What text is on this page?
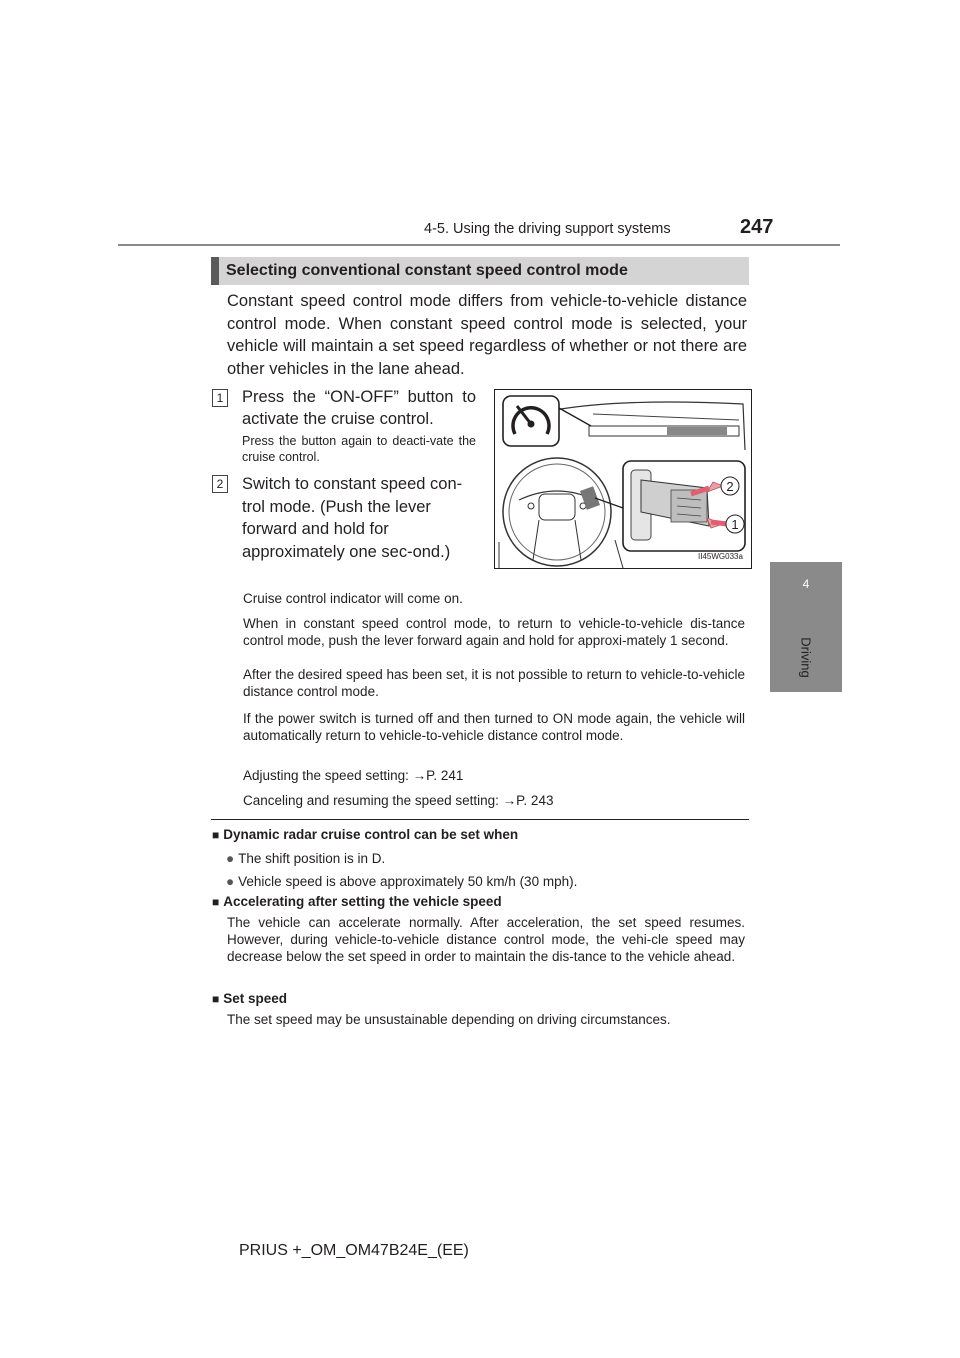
4-5. Using the driving support systems	247
4
Driving
Selecting conventional constant speed control mode
Constant speed control mode differs from vehicle-to-vehicle distance control mode. When constant speed control mode is selected, your vehicle will maintain a set speed regardless of whether or not there are other vehicles in the lane ahead.
1 Press the “ON-OFF” button to activate the cruise control.
Press the button again to deacti-vate the cruise control.
2 Switch to constant speed con-trol mode. (Push the lever forward and hold for approximately one sec-ond.)
2
1
II45WG033a
Cruise control indicator will come on.
When in constant speed control mode, to return to vehicle-to-vehicle dis-tance control mode, push the lever forward again and hold for approxi-mately 1 second.
After the desired speed has been set, it is not possible to return to vehicle-to-vehicle distance control mode.
If the power switch is turned off and then turned to ON mode again, the vehicle will automatically return to vehicle-to-vehicle distance control mode.
Adjusting the speed setting: →P. 241
Canceling and resuming the speed setting: →P. 243
■ Dynamic radar cruise control can be set when
● The shift position is in D.
● Vehicle speed is above approximately 50 km/h (30 mph).
■ Accelerating after setting the vehicle speed
The vehicle can accelerate normally. After acceleration, the set speed resumes. However, during vehicle-to-vehicle distance control mode, the vehi-cle speed may decrease below the set speed in order to maintain the dis-tance to the vehicle ahead.
■ Set speed
The set speed may be unsustainable depending on driving circumstances.
PRIUS +_OM_OM47B24E_(EE)
